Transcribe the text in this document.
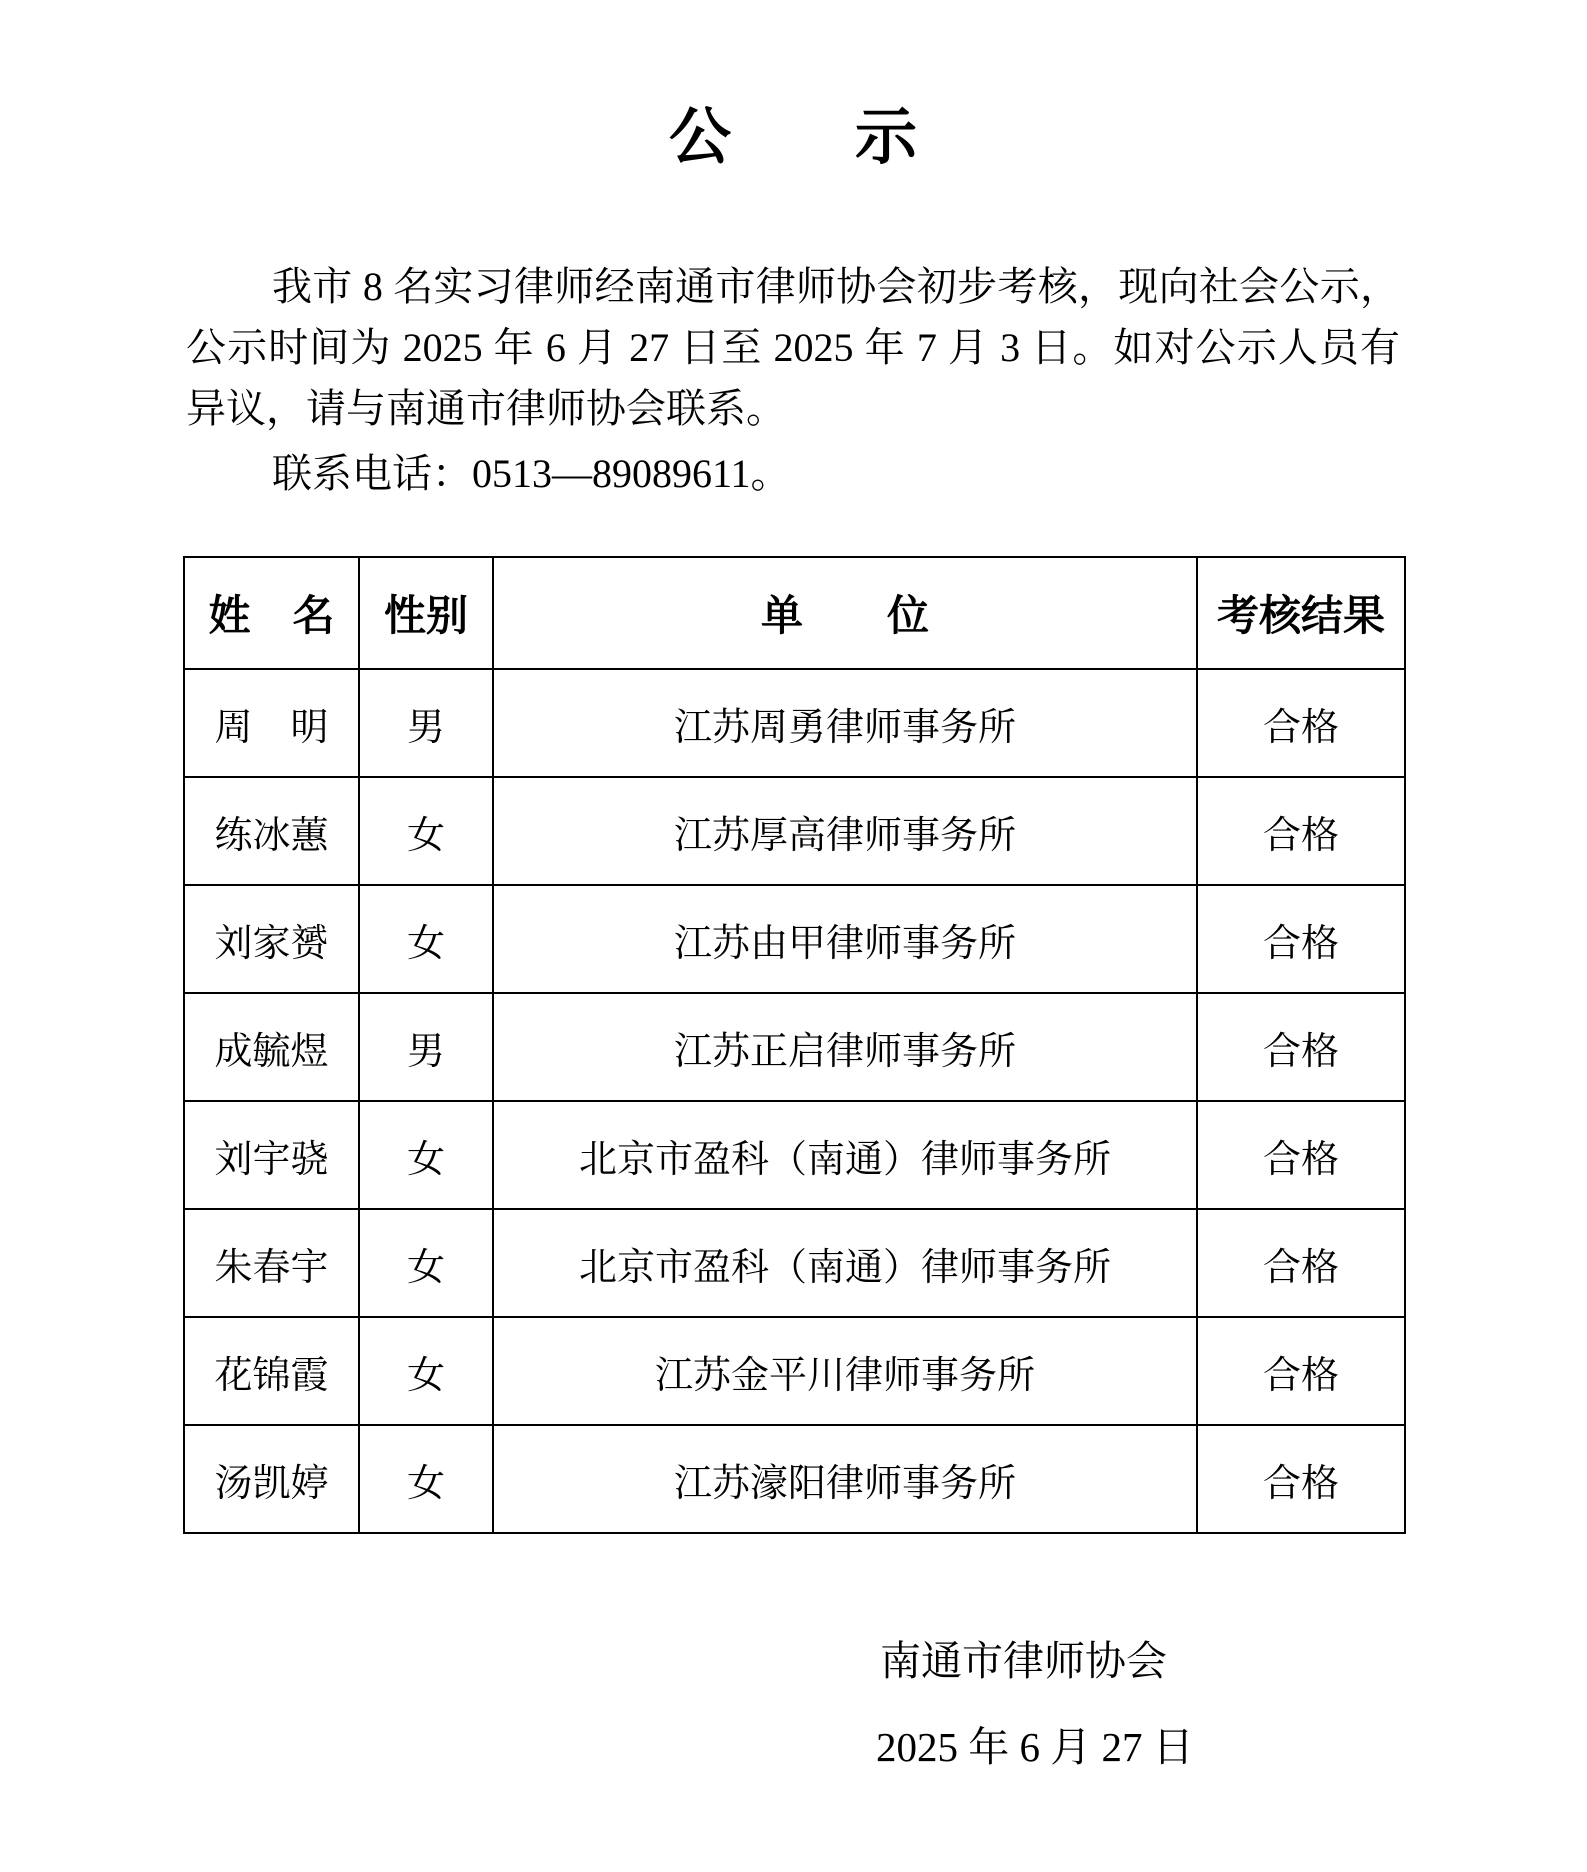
公　　示
我市 8 名实习律师经南通市律师协会初步考核，现向社会公示，公示时间为 2025 年 6 月 27 日至 2025 年 7 月 3 日。如对公示人员有异议，请与南通市律师协会联系。
联系电话：0513—89089611。
姓　名	性别	单　　位	考核结果
周　明	男	江苏周勇律师事务所	合格
练冰蕙	女	江苏厚高律师事务所	合格
刘家赟	女	江苏由甲律师事务所	合格
成毓煜	男	江苏正启律师事务所	合格
刘宇骁	女	北京市盈科（南通）律师事务所	合格
朱春宇	女	北京市盈科（南通）律师事务所	合格
花锦霞	女	江苏金平川律师事务所	合格
汤凯婷	女	江苏濠阳律师事务所	合格
南通市律师协会
2025 年 6 月 27 日
